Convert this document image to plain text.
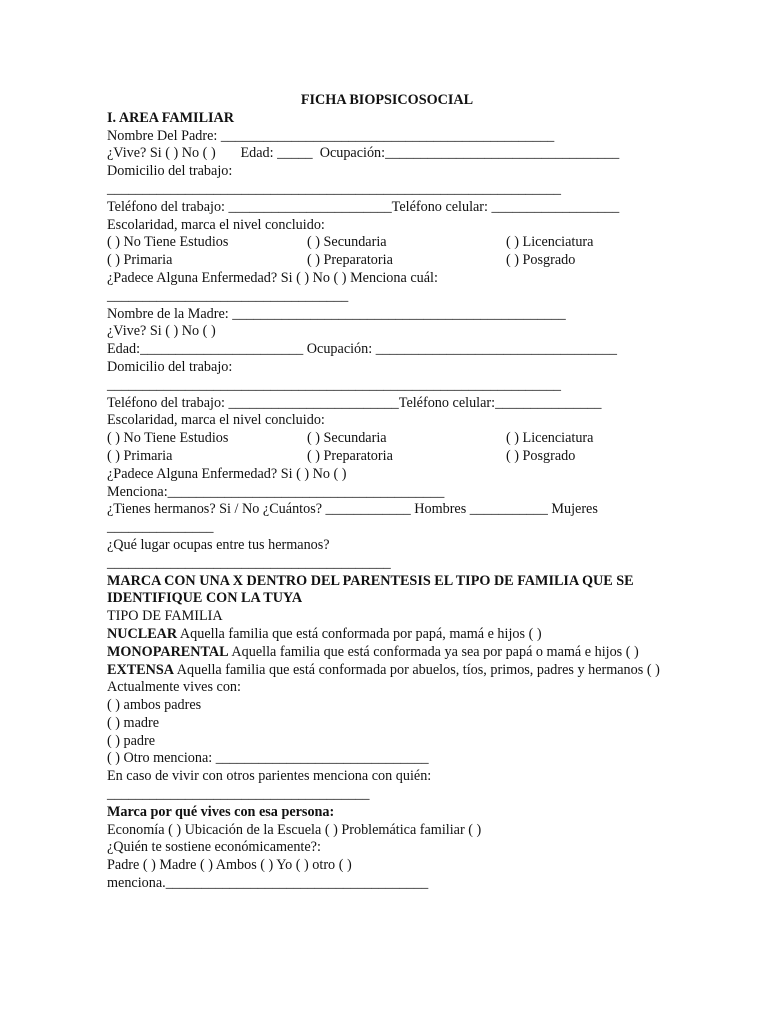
FICHA BIOPSICOSOCIAL
I. AREA FAMILIAR
Nombre Del Padre: _______________________________________________
¿Vive? Si ( ) No ( )       Edad: _____  Ocupación:_________________________________
Domicilio del trabajo:
________________________________________________________________
Teléfono del trabajo: _______________________Teléfono celular: __________________
Escolaridad, marca el nivel concluido:
( ) No Tiene Estudios	( ) Secundaria	( ) Licenciatura
( ) Primaria	( ) Preparatoria	( ) Posgrado
¿Padece Alguna Enfermedad? Si ( ) No ( ) Menciona cuál:
__________________________________
Nombre de la Madre: _______________________________________________
¿Vive? Si ( ) No ( )
Edad:_______________________ Ocupación: __________________________________
Domicilio del trabajo:
________________________________________________________________
Teléfono del trabajo: ________________________Teléfono celular:_______________
Escolaridad, marca el nivel concluido:
( ) No Tiene Estudios	( ) Secundaria	( ) Licenciatura
( ) Primaria	( ) Preparatoria	( ) Posgrado
¿Padece Alguna Enfermedad? Si ( ) No ( )
Menciona:_______________________________________
¿Tienes hermanos? Si / No ¿Cuántos? ____________ Hombres ___________ Mujeres
_______________
¿Qué lugar ocupas entre tus hermanos?
________________________________________
MARCA CON UNA X DENTRO DEL PARENTESIS EL TIPO DE FAMILIA QUE SE IDENTIFIQUE CON LA TUYA
TIPO DE FAMILIA
NUCLEAR Aquella familia que está conformada por papá, mamá e hijos ( )
MONOPARENTAL Aquella familia que está conformada ya sea por papá o mamá e hijos ( )
EXTENSA Aquella familia que está conformada por abuelos, tíos, primos, padres y hermanos ( )
Actualmente vives con:
( ) ambos padres
( ) madre
( ) padre
( ) Otro menciona: ______________________________
En caso de vivir con otros parientes menciona con quién:
_____________________________________
Marca por qué vives con esa persona:
Economía ( ) Ubicación de la Escuela ( ) Problemática familiar ( )
¿Quién te sostiene económicamente?:
Padre ( ) Madre ( ) Ambos ( ) Yo ( ) otro ( )
menciona._____________________________________
